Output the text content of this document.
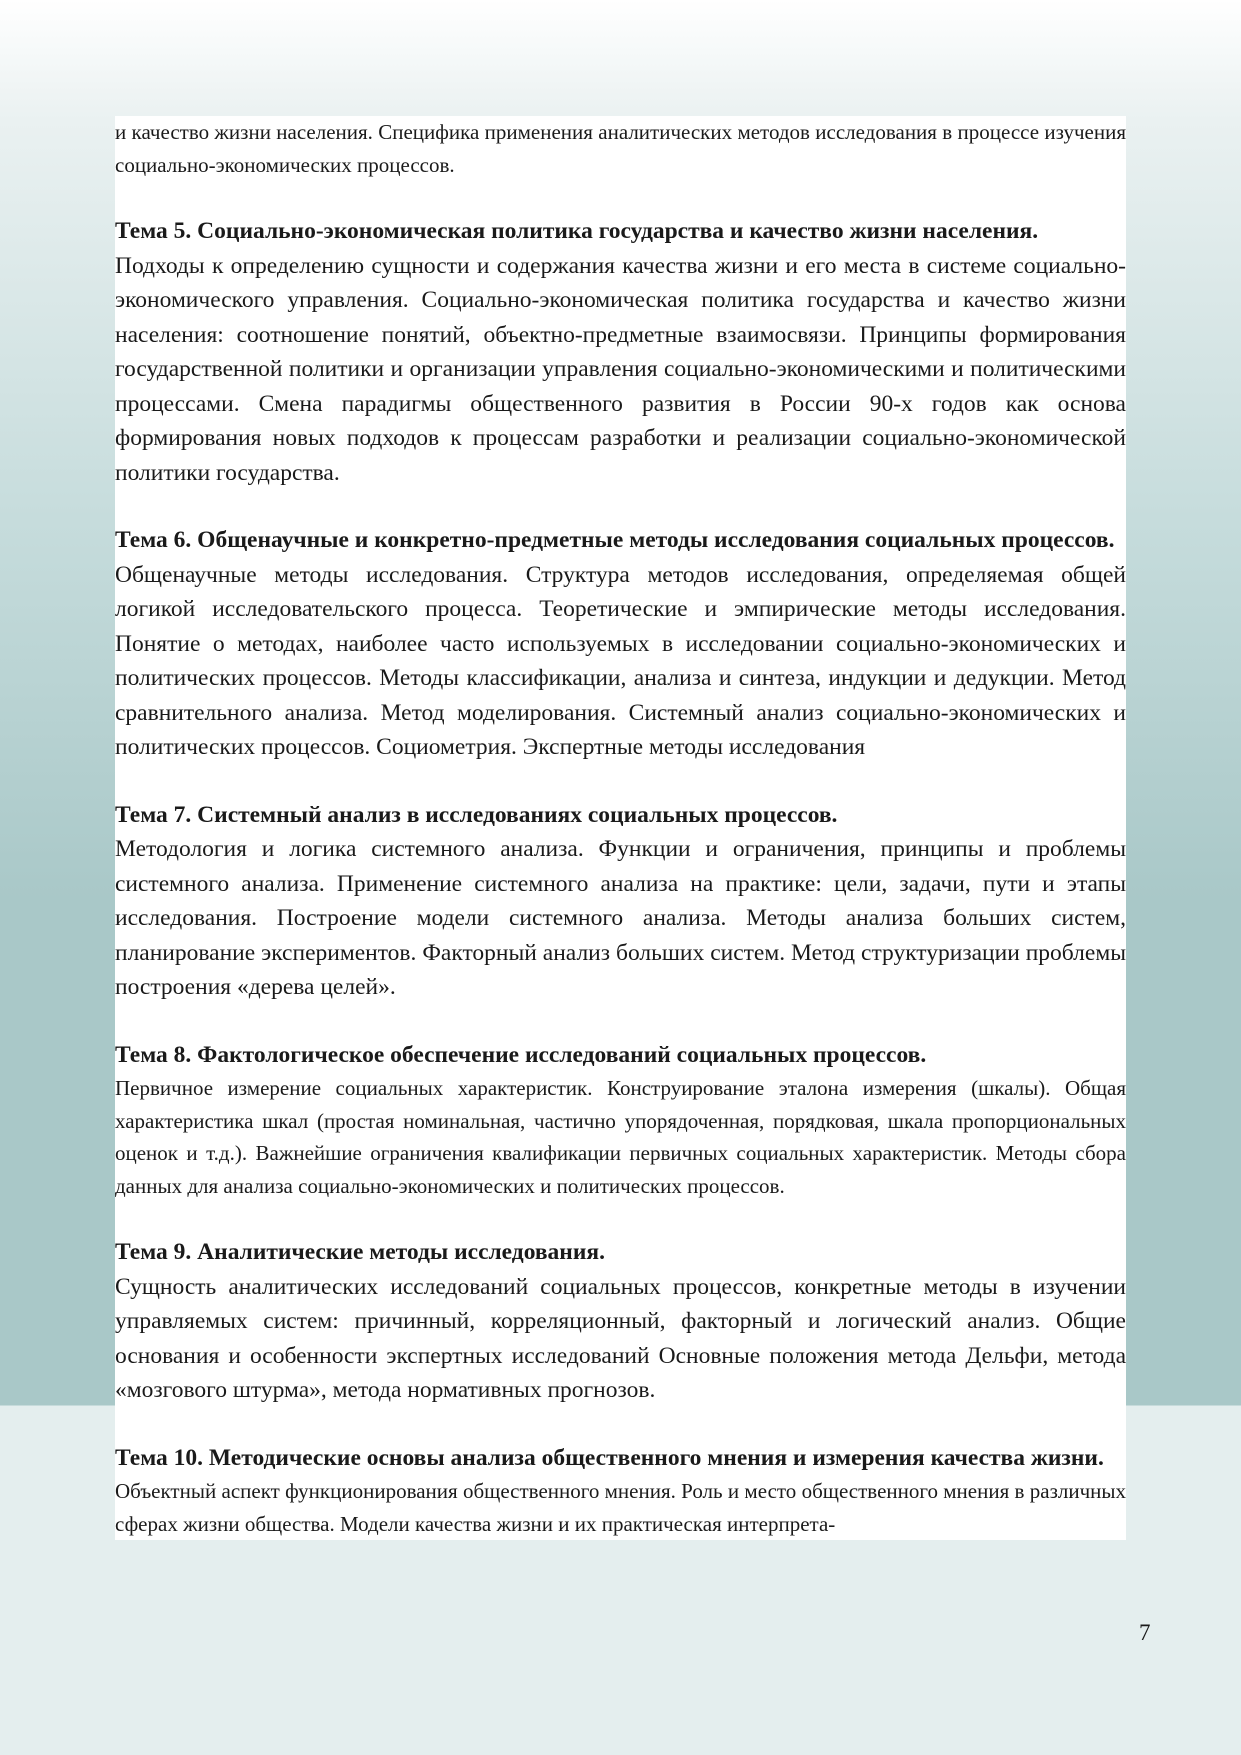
и качество жизни населения. Специфика применения аналитических методов исследования в процессе изучения социально-экономических процессов.

Тема 5. Социально-экономическая политика государства и качество жизни населения.

Подходы к определению сущности и содержания качества жизни и его места в системе социально-экономического управления. Социально-экономическая политика государства и качество жизни населения: соотношение понятий, объектно-предметные взаимосвязи. Принципы формирования государственной политики и организации управления социально-экономическими и политическими процессами. Смена парадигмы общественного развития в России 90-х годов как основа формирования новых подходов к процессам разработки и реализации социально-экономической политики государства.

Тема 6. Общенаучные и конкретно-предметные методы исследования социальных процессов.

Общенаучные методы исследования. Структура методов исследования, определяемая общей логикой исследовательского процесса. Теоретические и эмпирические методы исследования. Понятие о методах, наиболее часто используемых в исследовании социально-экономических и политических процессов. Методы классификации, анализа и синтеза, индукции и дедукции. Метод сравнительного анализа. Метод моделирования. Системный анализ социально-экономических и политических процессов. Социометрия. Экспертные методы исследования

Тема 7. Системный анализ в исследованиях социальных процессов.

Методология и логика системного анализа. Функции и ограничения, принципы и проблемы системного анализа. Применение системного анализа на практике: цели, задачи, пути и этапы исследования. Построение модели системного анализа. Методы анализа больших систем, планирование экспериментов. Факторный анализ больших систем. Метод структуризации проблемы построения «дерева целей».

Тема 8. Фактологическое обеспечение исследований социальных процессов.

Первичное измерение социальных характеристик. Конструирование эталона измерения (шкалы). Общая характеристика шкал (простая номинальная, частично упорядоченная, порядковая, шкала пропорциональных оценок и т.д.). Важнейшие ограничения квалификации первичных социальных характеристик. Методы сбора данных для анализа социально-экономических и политических процессов.

Тема 9. Аналитические методы исследования.

Сущность аналитических исследований социальных процессов, конкретные методы в изучении управляемых систем: причинный, корреляционный, факторный и логический анализ. Общие основания и особенности экспертных исследований Основные положения метода Дельфи, метода «мозгового штурма», метода нормативных прогнозов.

Тема 10. Методические основы анализа общественного мнения и измерения качества жизни.

Объектный аспект функционирования общественного мнения. Роль и место общественного мнения в различных сферах жизни общества. Модели качества жизни и их практическая интерпрета-

7
